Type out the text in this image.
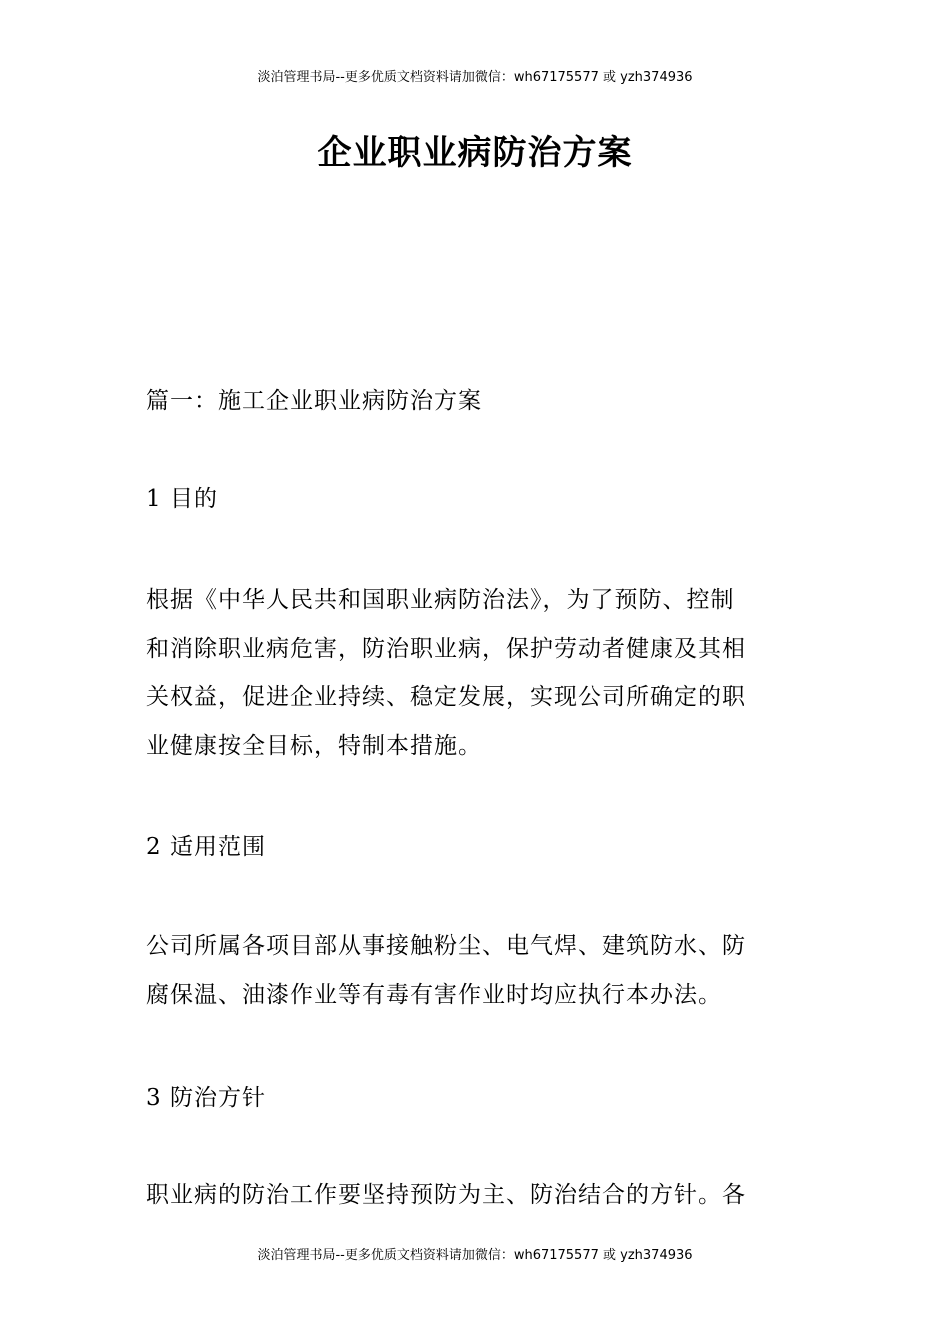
淡泊管理书局--更多优质文档资料请加微信：wh67175577 或 yzh374936
企业职业病防治方案
篇一：施工企业职业病防治方案
1 目的
根据《中华人民共和国职业病防治法》，为了预防、控制
和消除职业病危害，防治职业病，保护劳动者健康及其相
关权益，促进企业持续、稳定发展，实现公司所确定的职
业健康按全目标，特制本措施。
2 适用范围
公司所属各项目部从事接触粉尘、电气焊、建筑防水、防
腐保温、油漆作业等有毒有害作业时均应执行本办法。
3 防治方针
职业病的防治工作要坚持预防为主、防治结合的方针。各
淡泊管理书局--更多优质文档资料请加微信：wh67175577 或 yzh374936
